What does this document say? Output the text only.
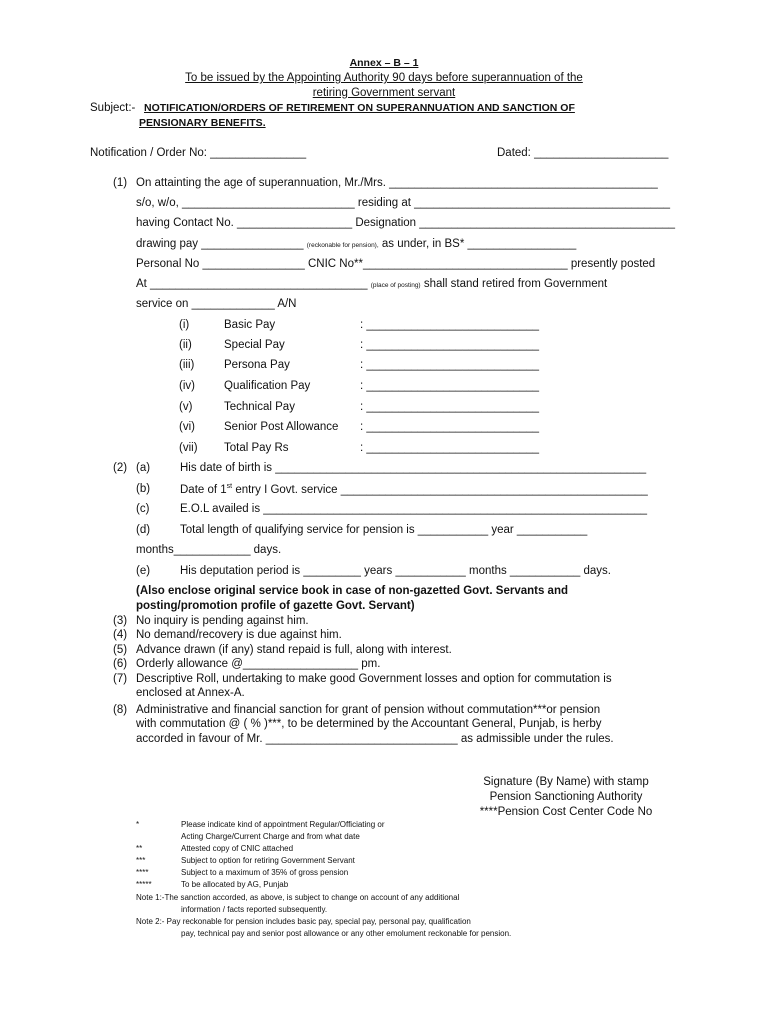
Annex – B – 1
To be issued by the Appointing Authority 90 days before superannuation of the
retiring Government servant
Subject:- NOTIFICATION/ORDERS OF RETIREMENT ON SUPERANNUATION AND SANCTION OF
PENSIONARY BENEFITS.
Notification / Order No: _______________	Dated: _____________________
(1) On attainting the age of superannuation, Mr./Mrs. __________________________________________
s/o, w/o, ___________________________ residing at ________________________________________
having Contact No. __________________ Designation ________________________________________
drawing pay ________________ (reckonable for pension), as under, in BS* _________________
Personal No ________________ CNIC No**________________________________ presently posted
At __________________________________ (place of posting) shall stand retired from Government
service on _____________ A/N
(i)	Basic Pay	: ___________________________
(ii)	Special Pay	: ___________________________
(iii)	Persona Pay	: ___________________________
(iv)	Qualification Pay	: ___________________________
(v)	Technical Pay	: ___________________________
(vi)	Senior Post Allowance : ___________________________
(vii) Total Pay Rs	: ___________________________
(2) (a)	His date of birth is __________________________________________________________
(b)	Date of 1st entry I Govt. service ________________________________________________
(c)	E.O.L availed is ____________________________________________________________
(d)	Total length of qualifying service for pension is ___________ year ___________
months____________ days.
(e)	His deputation period is _________ years ___________ months ___________ days.
(Also enclose original service book in case of non-gazetted Govt. Servants and
posting/promotion profile of gazette Govt. Servant)
(3) No inquiry is pending against him.
(4) No demand/recovery is due against him.
(5) Advance drawn (if any) stand repaid is full, along with interest.
(6) Orderly allowance @__________________ pm.
(7) Descriptive Roll, undertaking to make good Government losses and option for commutation is
enclosed at Annex-A.
(8) Administrative and financial sanction for grant of pension without commutation***or pension
with commutation @ ( % )***, to be determined by the Accountant General, Punjab, is herby
accorded in favour of Mr. ______________________________ as admissible under the rules.
Signature (By Name) with stamp
Pension Sanctioning Authority
****Pension Cost Center Code No
*	Please indicate kind of appointment Regular/Officiating or
Acting Charge/Current Charge and from what date
**	Attested copy of CNIC attached
***	Subject to option for retiring Government Servant
****	Subject to a maximum of 35% of gross pension
*****	To be allocated by AG, Punjab
Note 1:-The sanction accorded, as above, is subject to change on account of any additional
information / facts reported subsequently.
Note 2:- Pay reckonable for pension includes basic pay, special pay, personal pay, qualification
pay, technical pay and senior post allowance or any other emolument reckonable for pension.
